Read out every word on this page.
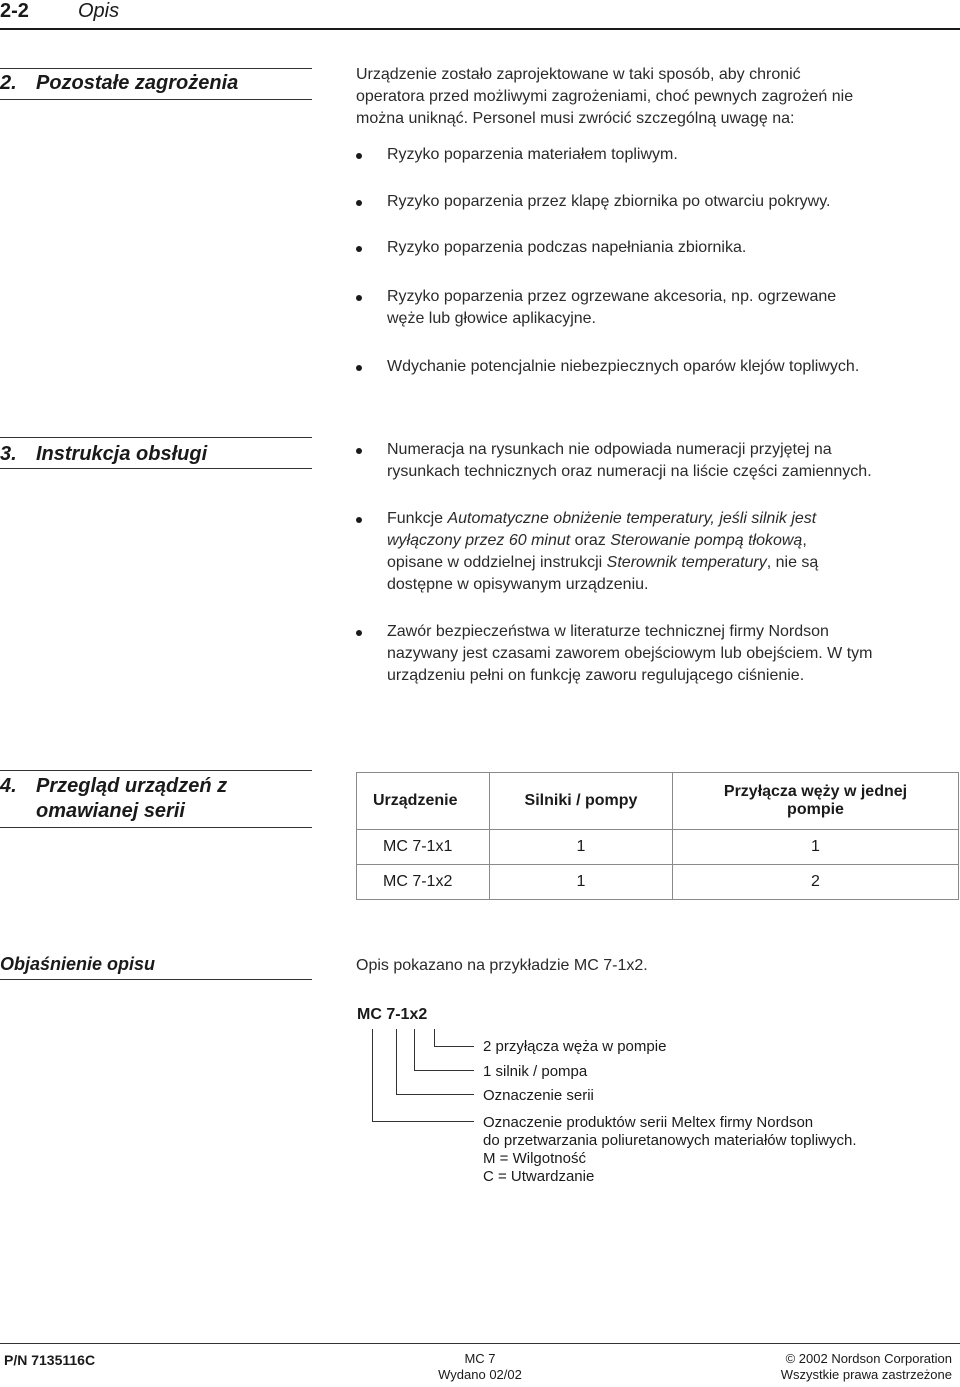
2-2 Opis
2. Pozostałe zagrożenia	Urządzenie zostało zaprojektowane w taki sposób, aby chronić
operatora przed możliwymi zagrożeniami, choć pewnych zagrożeń nie
można uniknąć. Personel musi zwrócić szczególną uwagę na:
Ryzyko poparzenia materiałem topliwym.
Ryzyko poparzenia przez klapę zbiornika po otwarciu pokrywy.
Ryzyko poparzenia podczas napełniania zbiornika.
Ryzyko poparzenia przez ogrzewane akcesoria, np. ogrzewane
węże lub głowice aplikacyjne.
Wdychanie potencjalnie niebezpiecznych oparów klejów topliwych.
3. Instrukcja obsługi	Numeracja na rysunkach nie odpowiada numeracji przyjętej na
rysunkach technicznych oraz numeracji na liście części zamiennych.
Funkcje Automatyczne obniżenie temperatury, jeśli silnik jest
wyłączony przez 60 minut oraz Sterowanie pompą tłokową,
opisane w oddzielnej instrukcji Sterownik temperatury, nie są
dostępne w opisywanym urządzeniu.
Zawór bezpieczeństwa w literaturze technicznej firmy Nordson
nazywany jest czasami zaworem obejściowym lub obejściem. W tym
urządzeniu pełni on funkcję zaworu regulującego ciśnienie.
4. Przegląd urządzeń z
omawianej serii	Urządzenie	Silniki / pompy	Przyłącza węży w jednej pompie
MC 7-1x1	1	1
MC 7-1x2	1	2
Objaśnienie opisu	Opis pokazano na przykładzie MC 7-1x2.
MC 7-1x2
2 przyłącza węża w pompie
1 silnik / pompa
Oznaczenie serii
Oznaczenie produktów serii Meltex firmy Nordson
do przetwarzania poliuretanowych materiałów topliwych.
M = Wilgotność
C = Utwardzanie
P/N 7135116C	MC 7
Wydano 02/02
© 2002 Nordson Corporation
Wszystkie prawa zastrzeżone
